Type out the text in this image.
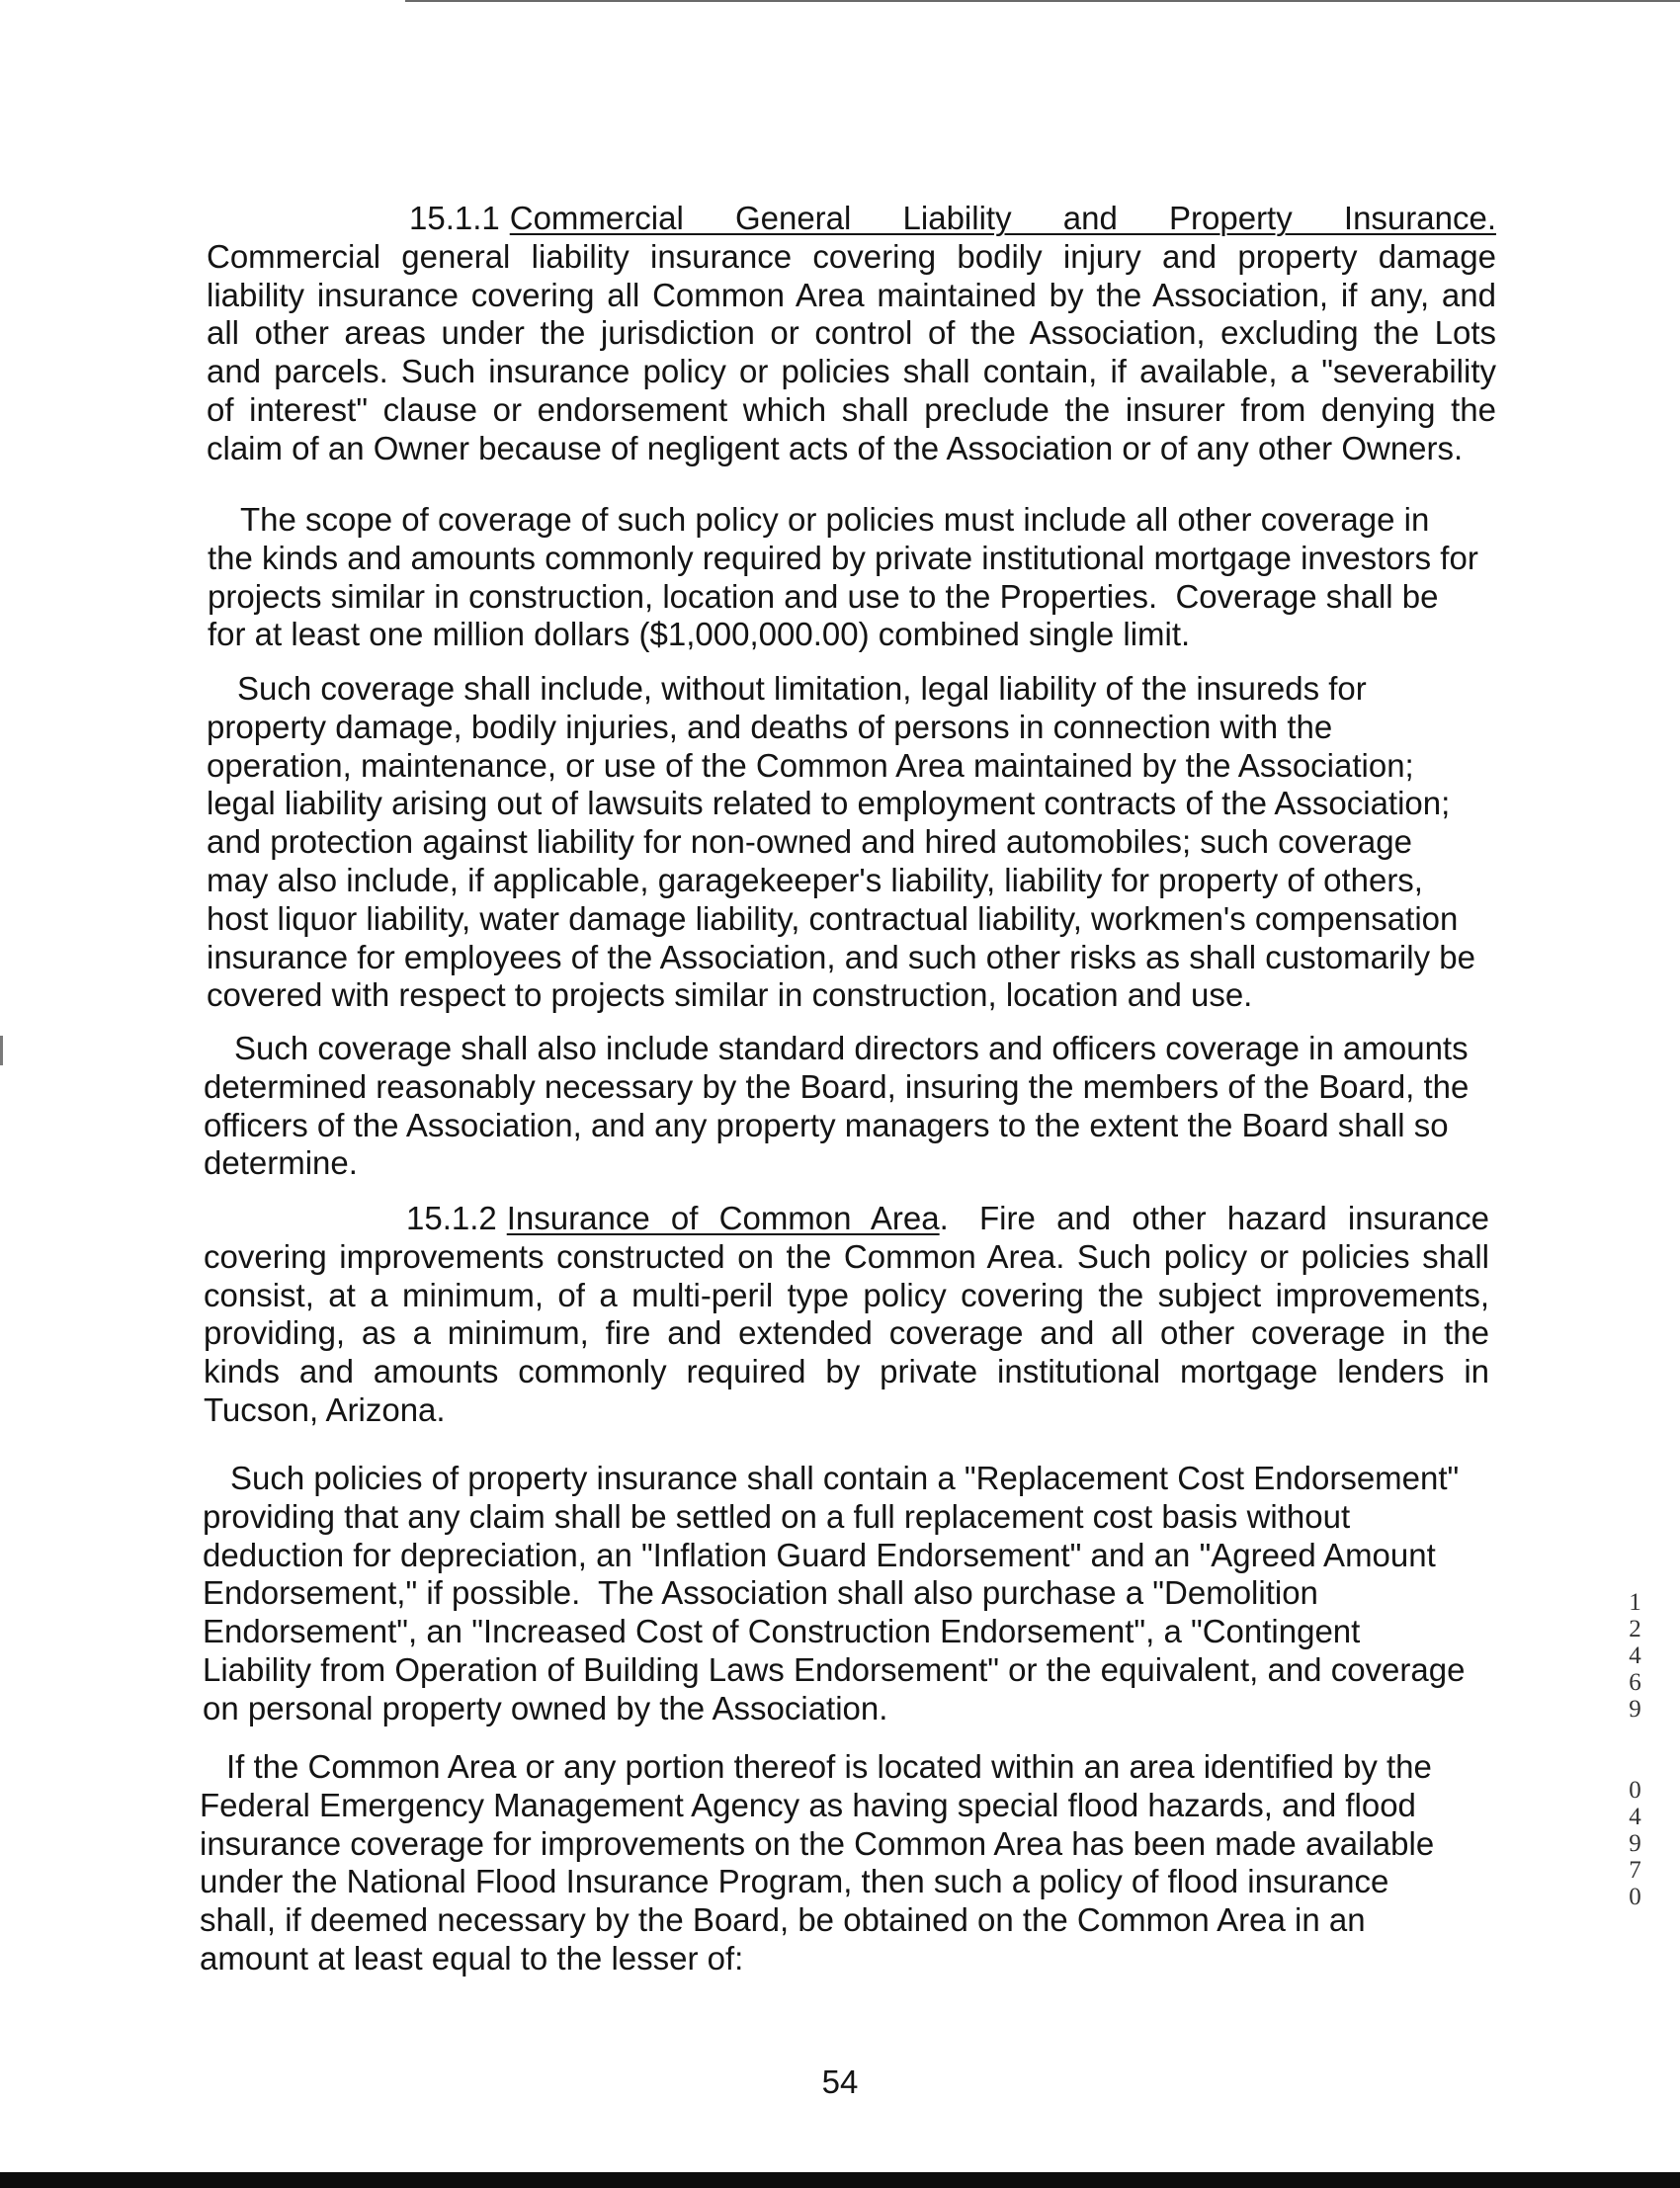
15.1.1 Commercial General Liability and Property Insurance.
Commercial general liability insurance covering bodily injury and property damage
liability insurance covering all Common Area maintained by the Association, if any, and
all other areas under the jurisdiction or control of the Association, excluding the Lots
and parcels. Such insurance policy or policies shall contain, if available, a "severability
of interest" clause or endorsement which shall preclude the insurer from denying the
claim of an Owner because of negligent acts of the Association or of any other Owners.
The scope of coverage of such policy or policies must include all other coverage in
the kinds and amounts commonly required by private institutional mortgage investors for
projects similar in construction, location and use to the Properties.  Coverage shall be
for at least one million dollars ($1,000,000.00) combined single limit.
Such coverage shall include, without limitation, legal liability of the insureds for
property damage, bodily injuries, and deaths of persons in connection with the
operation, maintenance, or use of the Common Area maintained by the Association;
legal liability arising out of lawsuits related to employment contracts of the Association;
and protection against liability for non-owned and hired automobiles; such coverage
may also include, if applicable, garagekeeper's liability, liability for property of others,
host liquor liability, water damage liability, contractual liability, workmen's compensation
insurance for employees of the Association, and such other risks as shall customarily be
covered with respect to projects similar in construction, location and use.
Such coverage shall also include standard directors and officers coverage in amounts
determined reasonably necessary by the Board, insuring the members of the Board, the
officers of the Association, and any property managers to the extent the Board shall so
determine.
15.1.2 Insurance of Common Area. Fire and other hazard insurance
covering improvements constructed on the Common Area. Such policy or policies shall
consist, at a minimum, of a multi-peril type policy covering the subject improvements,
providing, as a minimum, fire and extended coverage and all other coverage in the
kinds and amounts commonly required by private institutional mortgage lenders in
Tucson, Arizona.
Such policies of property insurance shall contain a "Replacement Cost Endorsement"
providing that any claim shall be settled on a full replacement cost basis without
deduction for depreciation, an "Inflation Guard Endorsement" and an "Agreed Amount
Endorsement," if possible.  The Association shall also purchase a "Demolition
Endorsement", an "Increased Cost of Construction Endorsement", a "Contingent
Liability from Operation of Building Laws Endorsement" or the equivalent, and coverage
on personal property owned by the Association.
If the Common Area or any portion thereof is located within an area identified by the
Federal Emergency Management Agency as having special flood hazards, and flood
insurance coverage for improvements on the Common Area has been made available
under the National Flood Insurance Program, then such a policy of flood insurance
shall, if deemed necessary by the Board, be obtained on the Common Area in an
amount at least equal to the lesser of:
54
12469
04970
